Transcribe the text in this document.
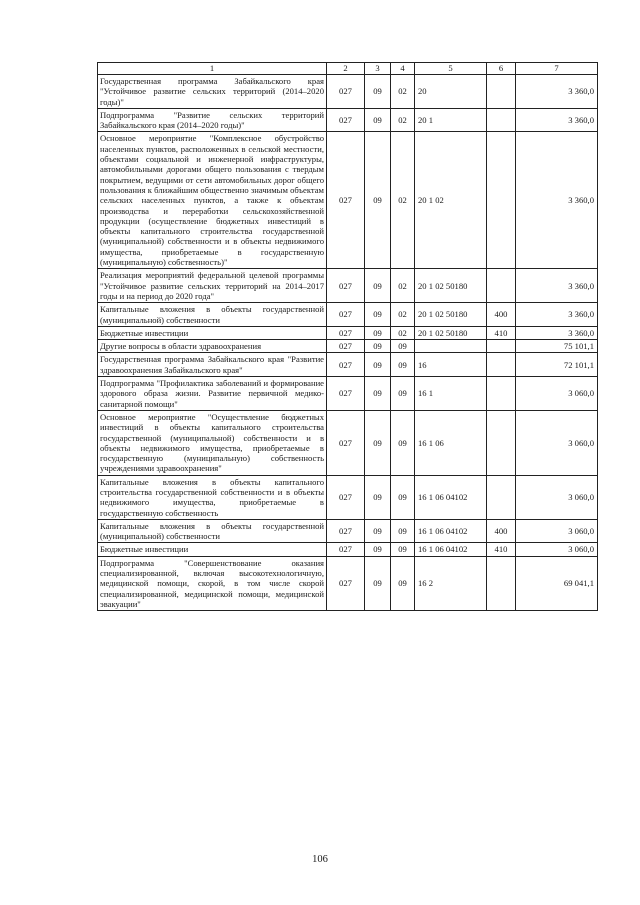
1	2	3	4	5	6	7
Государственная программа Забайкальского края "Устойчивое развитие сельских территорий (2014–2020 годы)"	027	09	02	20		3 360,0
Подпрограмма "Развитие сельских территорий Забайкальского края (2014–2020 годы)"	027	09	02	20 1		3 360,0
Основное мероприятие "Комплексное обустройство населенных пунктов, расположенных в сельской местности, объектами социальной и инженерной инфраструктуры, автомобильными дорогами общего пользования с твердым покрытием, ведущими от сети автомобильных дорог общего пользования к ближайшим общественно значимым объектам сельских населенных пунктов, а также к объектам производства и переработки сельскохозяйственной продукции (осуществление бюджетных инвестиций в объекты капитального строительства государственной (муниципальной) собственности и в объекты недвижимого имущества, приобретаемые в государственную (муниципальную) собственность)"	027	09	02	20 1 02		3 360,0
Реализация мероприятий федеральной целевой программы "Устойчивое развитие сельских территорий на 2014–2017 годы и на период до 2020 года"	027	09	02	20 1 02 50180		3 360,0
Капитальные вложения в объекты государственной (муниципальной) собственности	027	09	02	20 1 02 50180	400	3 360,0
Бюджетные инвестиции	027	09	02	20 1 02 50180	410	3 360,0
Другие вопросы в области здравоохранения	027	09	09			75 101,1
Государственная программа Забайкальского края "Развитие здравоохранения Забайкальского края"	027	09	09	16		72 101,1
Подпрограмма "Профилактика заболеваний и формирование здорового образа жизни. Развитие первичной медико-санитарной помощи"	027	09	09	16 1		3 060,0
Основное мероприятие "Осуществление бюджетных инвестиций в объекты капитального строительства государственной (муниципальной) собственности и в объекты недвижимого имущества, приобретаемые в государственную (муниципальную) собственность учреждениями здравоохранения"	027	09	09	16 1 06		3 060,0
Капитальные вложения в объекты капитального строительства государственной собственности и в объекты недвижимого имущества, приобретаемые в государственную собственность	027	09	09	16 1 06 04102		3 060,0
Капитальные вложения в объекты государственной (муниципальной) собственности	027	09	09	16 1 06 04102	400	3 060,0
Бюджетные инвестиции	027	09	09	16 1 06 04102	410	3 060,0
Подпрограмма "Совершенствование оказания специализированной, включая высокотехнологичную, медицинской помощи, скорой, в том числе скорой специализированной, медицинской помощи, медицинской эвакуации"	027	09	09	16 2		69 041,1
106
